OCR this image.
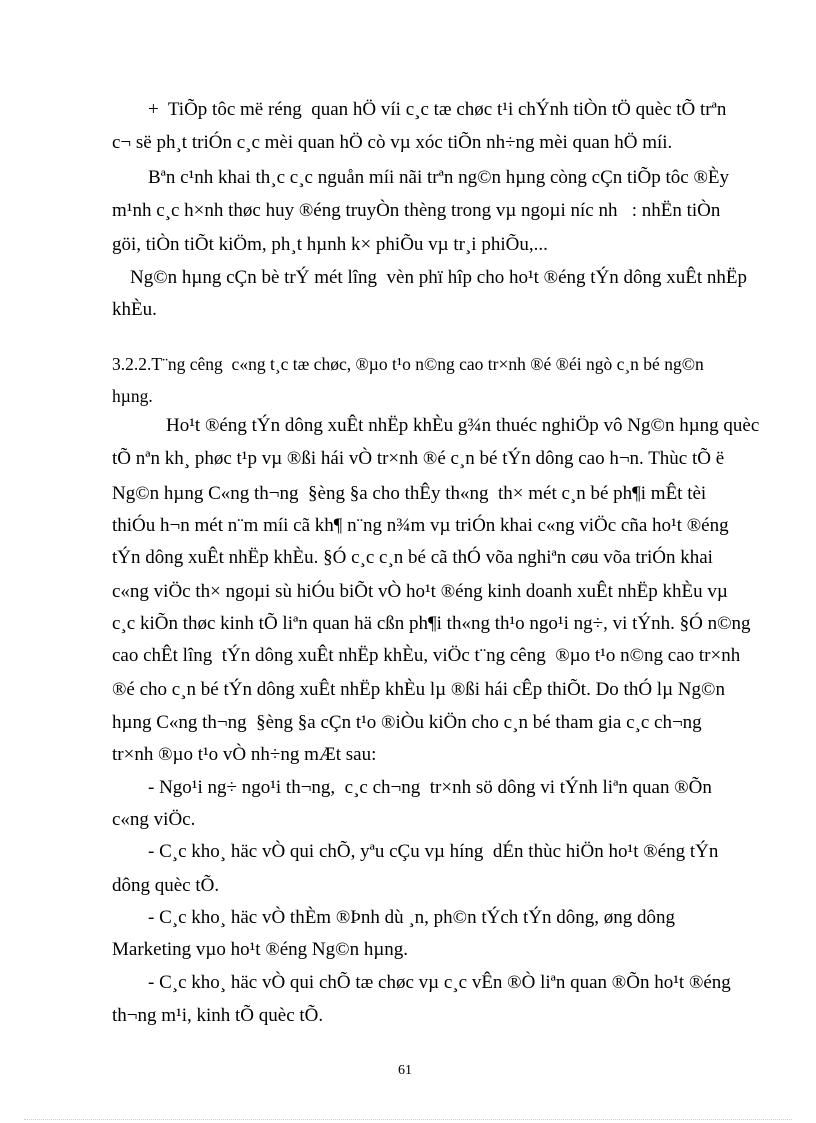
+  TiÕp tôc më réng  quan hÖ víi c¸c tæ chøc t¹i chÝnh tiÒn tÖ quèc tÕ trªn
c¬ së ph¸t triÓn c¸c mèi quan hÖ cò vµ xóc tiÕn nh÷ng mèi quan hÖ míi.
Bªn c¹nh khai th¸c c¸c nguån míi nãi trªn ng©n hµng còng cÇn tiÕp tôc ®Èy
m¹nh c¸c h×nh thøc huy ®éng truyÒn thèng trong vµ ngoµi níc nh   : nhËn tiÒn
göi, tiÒn tiÕt kiÖm, ph¸t hµnh k× phiÕu vµ tr¸i phiÕu,...
Ng©n hµng cÇn bè trÝ mét lîng  vèn phï hîp cho ho¹t ®éng tÝn dông xuÊt nhËp
khÈu.
3.2.2.T¨ng cêng  c«ng t¸c tæ chøc, ®µo t¹o n©ng cao tr×nh ®é ®éi ngò c¸n bé ng©n
hµng.
Ho¹t ®éng tÝn dông xuÊt nhËp khÈu g¾n thuéc nghiÖp vô Ng©n hµng quèc
tÕ nªn kh¸ phøc t¹p vµ ®ßi hái vÒ tr×nh ®é c¸n bé tÝn dông cao h¬n. Thùc tÕ ë
Ng©n hµng C«ng th¬ng  §èng §a cho thÊy th«ng  th× mét c¸n bé ph¶i mÊt tèi
thiÓu h¬n mét n¨m míi cã kh¶ n¨ng n¾m vµ triÓn khai c«ng viÖc cña ho¹t ®éng
tÝn dông xuÊt nhËp khÈu. §Ó c¸c c¸n bé cã thÓ võa nghiªn cøu võa triÓn khai
c«ng viÖc th× ngoµi sù hiÓu biÕt vÒ ho¹t ®éng kinh doanh xuÊt nhËp khÈu vµ
c¸c kiÕn thøc kinh tÕ liªn quan hä cßn ph¶i th«ng th¹o ngo¹i ng÷, vi tÝnh. §Ó n©ng
cao chÊt lîng  tÝn dông xuÊt nhËp khÈu, viÖc t¨ng cêng  ®µo t¹o n©ng cao tr×nh
®é cho c¸n bé tÝn dông xuÊt nhËp khÈu lµ ®ßi hái cÊp thiÕt. Do thÓ lµ Ng©n
hµng C«ng th¬ng  §èng §a cÇn t¹o ®iÒu kiÖn cho c¸n bé tham gia c¸c ch¬ng
tr×nh ®µo t¹o vÒ nh÷ng mÆt sau:
- Ngo¹i ng÷ ngo¹i th¬ng,  c¸c ch¬ng  tr×nh sö dông vi tÝnh liªn quan ®Õn
c«ng viÖc.
- C¸c kho¸ häc vÒ qui chÕ, yªu cÇu vµ híng  dÉn thùc hiÖn ho¹t ®éng tÝn
dông quèc tÕ.
- C¸c kho¸ häc vÒ thÈm ®Þnh dù ¸n, ph©n tÝch tÝn dông, øng dông
Marketing vµo ho¹t ®éng Ng©n hµng.
- C¸c kho¸ häc vÒ qui chÕ tæ chøc vµ c¸c vÊn ®Ò liªn quan ®Õn ho¹t ®éng
th¬ng m¹i, kinh tÕ quèc tÕ.
61
